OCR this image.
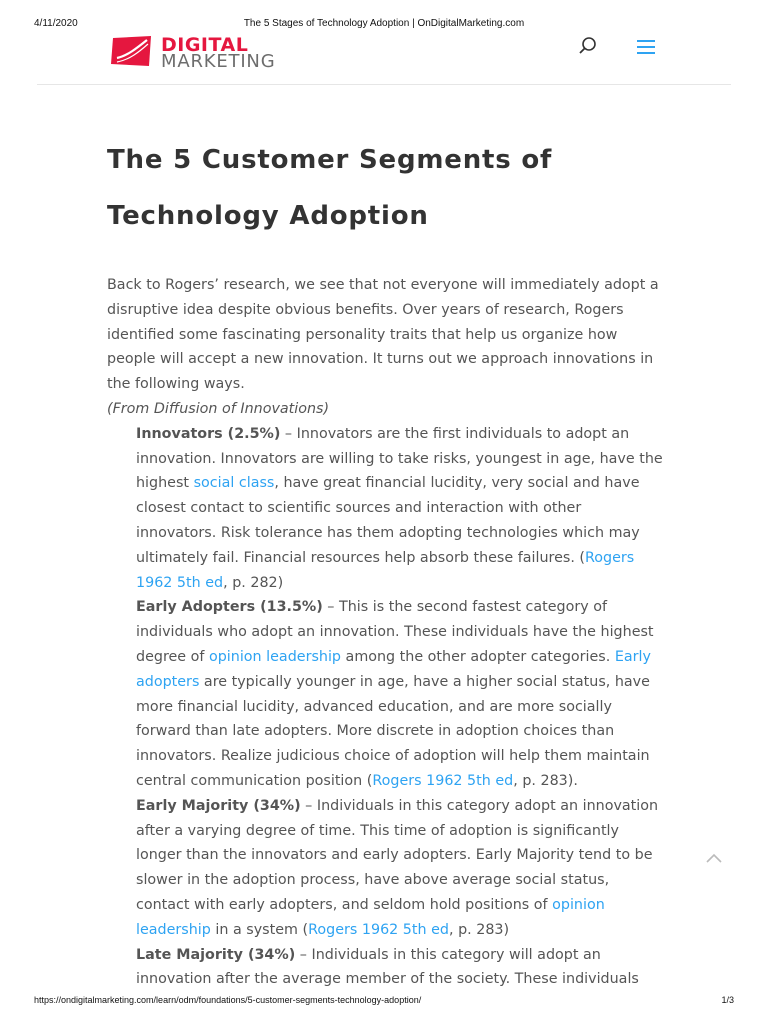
4/11/2020	The 5 Stages of Technology Adoption | OnDigitalMarketing.com
DIGITAL
MARKETING
The 5 Customer Segments of Technology Adoption

Back to Rogers’ research, we see that not everyone will immediately adopt a disruptive idea despite obvious benefits. Over years of research, Rogers identified some fascinating personality traits that help us organize how people will accept a new innovation. It turns out we approach innovations in the following ways.

(From Diffusion of Innovations)

Innovators (2.5%) – Innovators are the first individuals to adopt an innovation. Innovators are willing to take risks, youngest in age, have the highest social class, have great financial lucidity, very social and have closest contact to scientific sources and interaction with other innovators. Risk tolerance has them adopting technologies which may ultimately fail. Financial resources help absorb these failures. (Rogers 1962 5th ed, p. 282)

Early Adopters (13.5%) – This is the second fastest category of individuals who adopt an innovation. These individuals have the highest degree of opinion leadership among the other adopter categories. Early adopters are typically younger in age, have a higher social status, have more financial lucidity, advanced education, and are more socially forward than late adopters. More discrete in adoption choices than innovators. Realize judicious choice of adoption will help them maintain central communication position (Rogers 1962 5th ed, p. 283).

Early Majority (34%) – Individuals in this category adopt an innovation after a varying degree of time. This time of adoption is significantly longer than the innovators and early adopters. Early Majority tend to be slower in the adoption process, have above average social status, contact with early adopters, and seldom hold positions of opinion leadership in a system (Rogers 1962 5th ed, p. 283)

Late Majority (34%) – Individuals in this category will adopt an innovation after the average member of the society. These individuals

https://ondigitalmarketing.com/learn/odm/foundations/5-customer-segments-technology-adoption/	1/3
